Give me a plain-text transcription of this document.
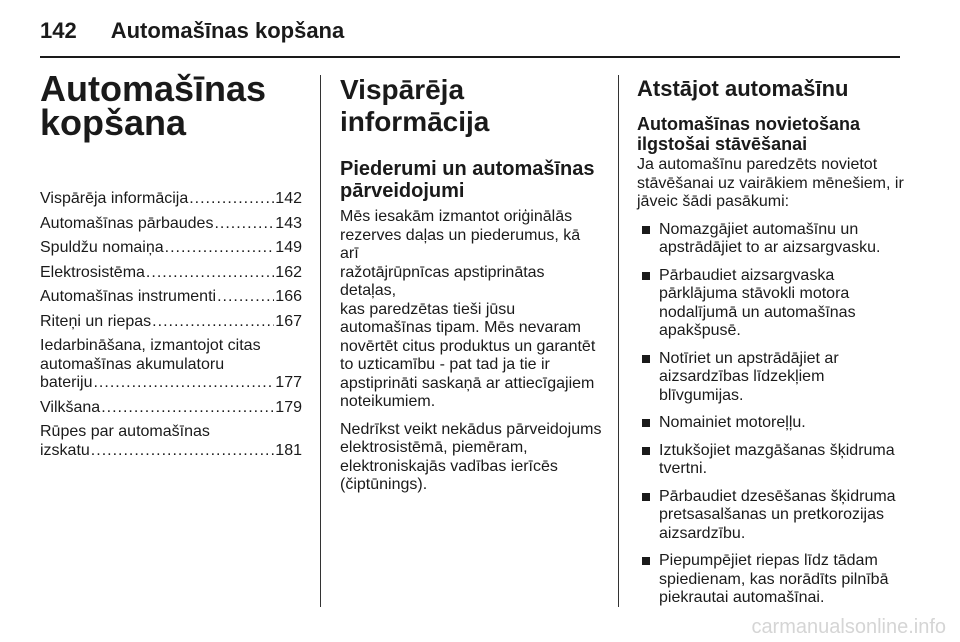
142 Automašīnas kopšana
Automašīnas
kopšana
Vispārēja informācija .....	142
Automašīnas pārbaudes .....	143
Spuldžu nomaiņa .....	149
Elektrosistēma .....	162
Automašīnas instrumenti .....	166
Riteņi un riepas .....	167
Iedarbināšana, izmantojot citas
automašīnas akumulatoru
bateriju .....	177
Vilkšana .....	179
Rūpes par automašīnas
izskatu .....	181
Vispārēja informācija
Piederumi un automašīnas
pārveidojumi
Mēs iesakām izmantot oriģinālās
rezerves daļas un piederumus, kā arī
ražotājrūpnīcas apstiprinātas detaļas,
kas paredzētas tieši jūsu
automašīnas tipam. Mēs nevaram
novērtēt citus produktus un garantēt
to uzticamību - pat tad ja tie ir
apstiprināti saskaņā ar attiecīgajiem
noteikumiem.
Nedrīkst veikt nekādus pārveidojums
elektrosistēmā, piemēram,
elektroniskajās vadības ierīcēs
(čiptūnings).
Atstājot automašīnu
Automašīnas novietošana
ilgstošai stāvēšanai
Ja automašīnu paredzēts novietot
stāvēšanai uz vairākiem mēnešiem, ir
jāveic šādi pasākumi:
Nomazgājiet automašīnu un
apstrādājiet to ar aizsargvasku.
Pārbaudiet aizsargvaska
pārklājuma stāvokli motora
nodalījumā un automašīnas
apakšpusē.
Notīriet un apstrādājiet ar
aizsardzības līdzekļiem
blīvgumijas.
Nomainiet motoreļļu.
Iztukšojiet mazgāšanas šķidruma
tvertni.
Pārbaudiet dzesēšanas šķidruma
pretsasalšanas un pretkorozijas
aizsardzību.
Piepumpējiet riepas līdz tādam
spiedienam, kas norādīts pilnībā
piekrautai automašīnai.
carmanualsonline.info
